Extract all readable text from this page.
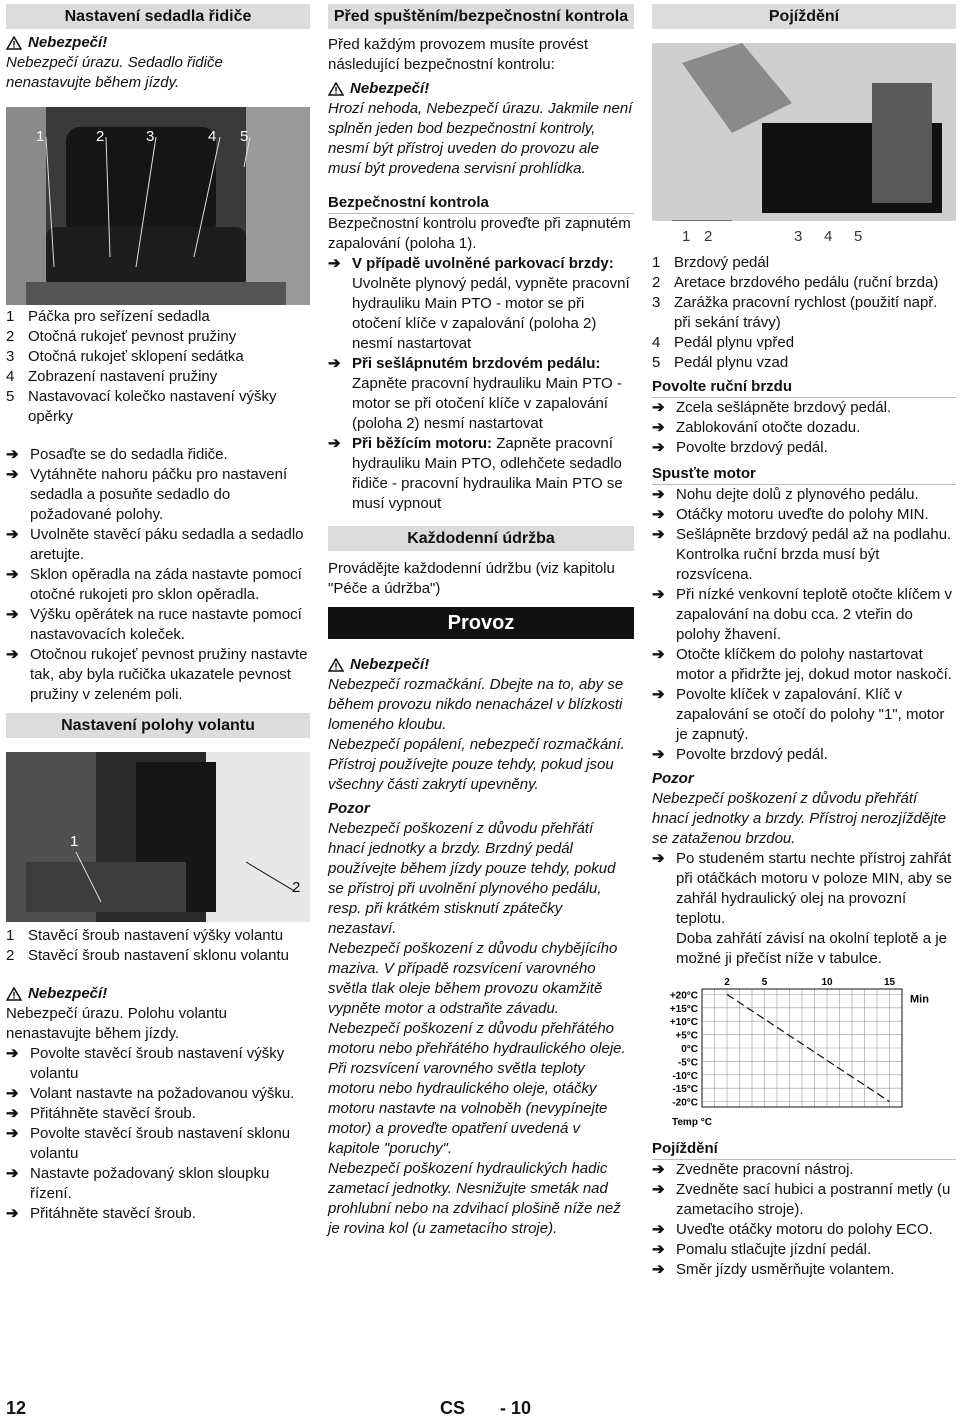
Nastavení sedadla řidiče
Nebezpečí!

Nebezpečí úrazu. Sedadlo řidiče nenastavujte během jízdy.

1	2	3	4 5
1 Páčka pro seřízení sedadla
2 Otočná rukojeť pevnost pružiny
3 Otočná rukojeť sklopení sedátka
4 Zobrazení nastavení pružiny
5 Nastavovací kolečko nastavení výšky opěrky
➔ Posaďte se do sedadla řidiče.
➔ Vytáhněte nahoru páčku pro nastavení sedadla a posuňte sedadlo do požadované polohy.
➔ Uvolněte stavěcí páku sedadla a sedadlo aretujte.
➔ Sklon opěradla na záda nastavte pomocí otočné rukojeti pro sklon opěradla.
➔ Výšku opěrátek na ruce nastavte pomocí nastavovacích koleček.
➔ Otočnou rukojeť pevnost pružiny nastavte tak, aby byla ručička ukazatele pevnost pružiny v zeleném poli.
Nastavení polohy volantu
1
2
1 Stavěcí šroub nastavení výšky volantu
2 Stavěcí šroub nastavení sklonu volantu
Nebezpečí!

Nebezpečí úrazu. Polohu volantu nenastavujte během jízdy.

➔ Povolte stavěcí šroub nastavení výšky volantu
➔ Volant nastavte na požadovanou výšku.
➔ Přitáhněte stavěcí šroub.
➔ Povolte stavěcí šroub nastavení sklonu volantu
➔ Nastavte požadovaný sklon sloupku řízení.
➔ Přitáhněte stavěcí šroub.
Před spuštěním/bezpečnostní kontrola

Před každým provozem musíte provést následující bezpečnostní kontrolu:

Nebezpečí!

Hrozí nehoda, Nebezpečí úrazu. Jakmile není splněn jeden bod bezpečnostní kontroly, nesmí být přístroj uveden do provozu ale musí být provedena servisní prohlídka.

Bezpečnostní kontrola

Bezpečnostní kontrolu proveďte při zapnutém zapalování (poloha 1).

➔ V případě uvolněné parkovací brzdy: Uvolněte plynový pedál, vypněte pracovní hydrauliku Main PTO - motor se při otočení klíče v zapalování (poloha 2) nesmí nastartovat
➔ Při sešlápnutém brzdovém pedálu: Zapněte pracovní hydrauliku Main PTO - motor se při otočení klíče v zapalování (poloha 2) nesmí nastartovat
➔ Při běžícím motoru: Zapněte pracovní hydrauliku Main PTO, odlehčete sedadlo řidiče - pracovní hydraulika Main PTO se musí vypnout
Každodenní údržba

Provádějte každodenní údržbu (viz kapitolu "Péče a údržba")

Provoz
Nebezpečí!

Nebezpečí rozmačkání. Dbejte na to, aby se během provozu nikdo nenacházel v blízkosti lomeného kloubu.

Nebezpečí popálení, nebezpečí rozmačkání. Přístroj používejte pouze tehdy, pokud jsou všechny části zakrytí upevněny.

Pozor

Nebezpečí poškození z důvodu přehřátí hnací jednotky a brzdy. Brzdný pedál používejte během jízdy pouze tehdy, pokud se přístroj při uvolnění plynového pedálu, resp. při krátkém stisknutí zpátečky nezastaví.

Nebezpečí poškození z důvodu chybějícího maziva. V případě rozsvícení varovného světla tlak oleje během provozu okamžitě vypněte motor a odstraňte závadu.

Nebezpečí poškození z důvodu přehřátého motoru nebo přehřátého hydraulického oleje. Při rozsvícení varovného světla teploty motoru nebo hydraulického oleje, otáčky motoru nastavte na volnoběh (nevypínejte motor) a proveďte opatření uvedená v kapitole "poruchy".

Nebezpečí poškození hydraulických hadic zametací jednotky. Nesnižujte smeták nad prohlubní nebo na zdvihací plošině níže než je rovina kol (u zametacího stroje).

Pojíždění
1 2	3 4 5
1 Brzdový pedál
2 Aretace brzdového pedálu (ruční brzda)
3 Zarážka pracovní rychlost (použití např. při sekání trávy)
4 Pedál plynu vpřed
5 Pedál plynu vzad
Povolte ruční brzdu
➔ Zcela sešlápněte brzdový pedál.
➔ Zablokování otočte dozadu.
➔ Povolte brzdový pedál.
Spusťte motor
➔ Nohu dejte dolů z plynového pedálu.
➔ Otáčky motoru uveďte do polohy MIN.
➔ Sešlápněte brzdový pedál až na podlahu.
Kontrolka ruční brzda musí být rozsvícena.
➔ Při nízké venkovní teplotě otočte klíčem v zapalování na dobu cca. 2 vteřin do polohy žhavení.
➔ Otočte klíčkem do polohy nastartovat motor a přidržte jej, dokud motor naskočí.
➔ Povolte klíček v zapalování. Klíč v zapalování se otočí do polohy "1", motor je zapnutý.
➔ Povolte brzdový pedál.
Pozor

Nebezpečí poškození z důvodu přehřátí hnací jednotky a brzdy. Přístroj nerozjíždějte se zataženou brzdou.

➔ Po studeném startu nechte přístroj zahřát při otáčkách motoru v poloze MIN, aby se zahřál hydraulický olej na provozní teplotu.
Doba zahřátí závisí na okolní teplotě a je možné ji přečíst níže v tabulce.
+20°C
+15°C
+10°C
+5°C
0°C
-5°C
-10°C
-15°C
-20°C
2	5	10	15
Min
Temp °C
Pojíždění
➔ Zvedněte pracovní nástroj.
➔ Zvedněte sací hubici a postranní metly (u zametacího stroje).
➔ Uveďte otáčky motoru do polohy ECO.
➔ Pomalu stlačujte jízdní pedál.
➔ Směr jízdy usměrňujte volantem.
12	CS - 10
